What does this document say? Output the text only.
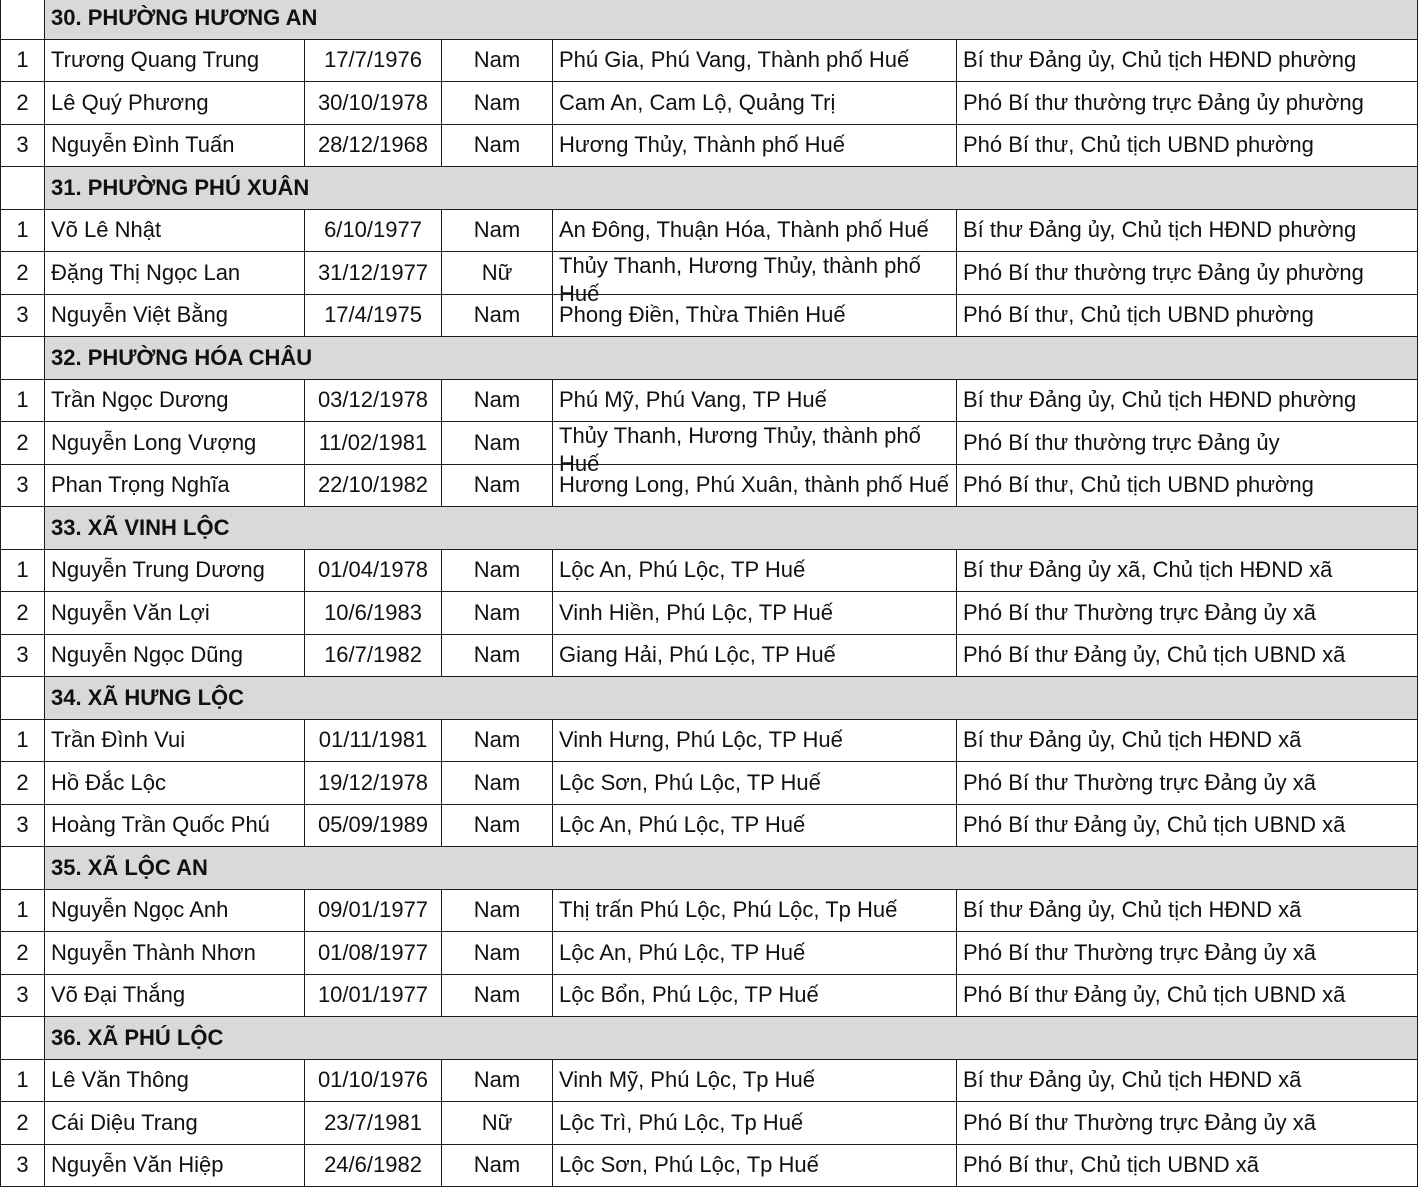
	30. PHƯỜNG HƯƠNG AN				
1	Trương Quang Trung	17/7/1976	Nam	Phú Gia, Phú Vang, Thành phố Huế	Bí thư Đảng ủy, Chủ tịch HĐND phường
2	Lê Quý Phương	30/10/1978	Nam	Cam An, Cam Lộ, Quảng Trị	Phó Bí thư thường trực Đảng ủy phường
3	Nguyễn Đình Tuấn	28/12/1968	Nam	Hương Thủy, Thành phố Huế	Phó Bí thư, Chủ tịch UBND phường
	31. PHƯỜNG PHÚ XUÂN				
1	Võ Lê Nhật	6/10/1977	Nam	An Đông, Thuận Hóa, Thành phố Huế	Bí thư Đảng ủy, Chủ tịch HĐND phường
2	Đặng Thị Ngọc Lan	31/12/1977	Nữ	Thủy Thanh, Hương Thủy, thành phố Huế	Phó Bí thư thường trực Đảng ủy phường
3	Nguyễn Việt Bằng	17/4/1975	Nam	Phong Điền, Thừa Thiên Huế	Phó Bí thư, Chủ tịch UBND phường
	32. PHƯỜNG HÓA CHÂU				
1	Trần Ngọc Dương	03/12/1978	Nam	Phú Mỹ, Phú Vang, TP Huế	Bí thư Đảng ủy, Chủ tịch HĐND phường
2	Nguyễn Long Vượng	11/02/1981	Nam	Thủy Thanh, Hương Thủy, thành phố Huế	Phó Bí thư thường trực Đảng ủy
3	Phan Trọng Nghĩa	22/10/1982	Nam	Hương Long, Phú Xuân, thành phố Huế	Phó Bí thư, Chủ tịch UBND phường
	33. XÃ VINH LỘC				
1	Nguyễn Trung Dương	01/04/1978	Nam	Lộc An, Phú Lộc, TP Huế	Bí thư Đảng ủy xã, Chủ tịch HĐND xã
2	Nguyễn Văn Lợi	10/6/1983	Nam	Vinh Hiền, Phú Lộc, TP Huế	Phó Bí thư Thường trực Đảng ủy xã
3	Nguyễn Ngọc Dũng	16/7/1982	Nam	Giang Hải, Phú Lộc, TP Huế	Phó Bí thư Đảng ủy, Chủ tịch UBND xã
	34. XÃ HƯNG LỘC				
1	Trần Đình Vui	01/11/1981	Nam	Vinh Hưng, Phú Lộc, TP Huế	Bí thư Đảng ủy, Chủ tịch HĐND xã
2	Hồ Đắc Lộc	19/12/1978	Nam	Lộc Sơn, Phú Lộc, TP Huế	Phó Bí thư Thường trực Đảng ủy xã
3	Hoàng Trần Quốc Phú	05/09/1989	Nam	Lộc An, Phú Lộc, TP Huế	Phó Bí thư Đảng ủy, Chủ tịch UBND xã
	35. XÃ LỘC AN				
1	Nguyễn Ngọc Anh	09/01/1977	Nam	Thị trấn Phú Lộc, Phú Lộc, Tp Huế	Bí thư Đảng ủy, Chủ tịch HĐND xã
2	Nguyễn Thành Nhơn	01/08/1977	Nam	Lộc An, Phú Lộc, TP Huế	Phó Bí thư Thường trực Đảng ủy xã
3	Võ Đại Thắng	10/01/1977	Nam	Lộc Bổn, Phú Lộc, TP Huế	Phó Bí thư Đảng ủy, Chủ tịch UBND xã
	36. XÃ PHÚ LỘC				
1	Lê Văn Thông	01/10/1976	Nam	Vinh Mỹ, Phú Lộc, Tp Huế	Bí thư Đảng ủy, Chủ tịch HĐND xã
2	Cái Diệu Trang	23/7/1981	Nữ	Lộc Trì, Phú Lộc, Tp Huế	Phó Bí thư Thường trực Đảng ủy xã
3	Nguyễn Văn Hiệp	24/6/1982	Nam	Lộc Sơn, Phú Lộc, Tp Huế	Phó Bí thư, Chủ tịch UBND xã
